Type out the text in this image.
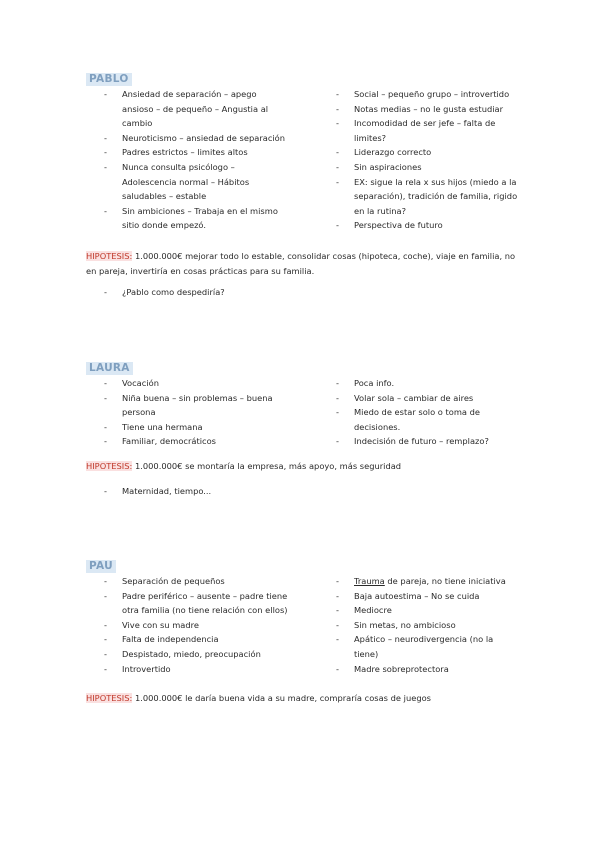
PABLO
- Ansiedad de separación – apego ansioso – de pequeño – Angustia al cambio
- Neuroticismo – ansiedad de separación
- Padres estrictos – limites altos
- Nunca consulta psicólogo – Adolescencia normal – Hábitos saludables – estable
- Sin ambiciones – Trabaja en el mismo sitio donde empezó.
- Social – pequeño grupo – introvertido
- Notas medias – no le gusta estudiar
- Incomodidad de ser jefe – falta de limites?
- Liderazgo correcto
- Sin aspiraciones
- EX: sigue la rela x sus hijos (miedo a la separación), tradición de familia, rigido en la rutina?
- Perspectiva de futuro
HIPOTESIS: 1.000.000€ mejorar todo lo estable, consolidar cosas (hipoteca, coche), viaje en familia, no en pareja, invertiría en cosas prácticas para su familia.
- ¿Pablo como despediría?
LAURA
- Vocación
- Niña buena – sin problemas – buena persona
- Tiene una hermana
- Familiar, democráticos
- Poca info.
- Volar sola – cambiar de aires
- Miedo de estar solo o toma de decisiones.
- Indecisión de futuro – remplazo?
HIPOTESIS: 1.000.000€ se montaría la empresa, más apoyo, más seguridad
- Maternidad, tiempo...
PAU
- Separación de pequeños
- Padre periférico – ausente – padre tiene otra familia (no tiene relación con ellos)
- Vive con su madre
- Falta de independencia
- Despistado, miedo, preocupación
- Introvertido
- Trauma de pareja, no tiene iniciativa
- Baja autoestima – No se cuida
- Mediocre
- Sin metas, no ambicioso
- Apático – neurodivergencia (no la tiene)
- Madre sobreprotectora
HIPOTESIS: 1.000.000€ le daría buena vida a su madre, compraría cosas de juegos
